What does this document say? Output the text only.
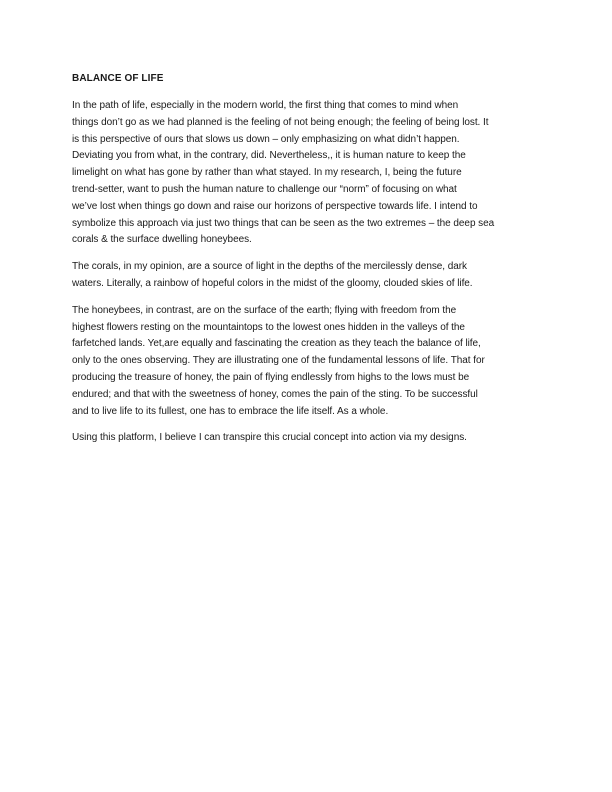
BALANCE OF LIFE
In the path of life, especially in the modern world, the first thing that comes to mind when
things don’t go as we had planned is the feeling of not being enough; the feeling of being lost. It
is this perspective of ours that slows us down – only emphasizing on what didn’t happen.
Deviating you from what, in the contrary, did. Nevertheless,, it is human nature to keep the
limelight on what has gone by rather than what stayed. In my research, I, being the future
trend-setter, want to push the human nature to challenge our “norm” of focusing on what
we’ve lost when things go down and raise our horizons of perspective towards life. I intend to
symbolize this approach via just two things that can be seen as the two extremes – the deep sea
corals & the surface dwelling honeybees.
The corals, in my opinion, are a source of light in the depths of the mercilessly dense, dark
waters. Literally, a rainbow of hopeful colors in the midst of the gloomy, clouded skies of life.
The honeybees, in contrast, are on the surface of the earth; flying with freedom from the
highest flowers resting on the mountaintops to the lowest ones hidden in the valleys of the
farfetched lands. Yet,are equally and fascinating the creation as they teach the balance of life,
only to the ones observing. They are illustrating one of the fundamental lessons of life. That for
producing the treasure of honey, the pain of flying endlessly from highs to the lows must be
endured; and that with the sweetness of honey, comes the pain of the sting. To be successful
and to live life to its fullest, one has to embrace the life itself. As a whole.
Using this platform, I believe I can transpire this crucial concept into action via my designs.
